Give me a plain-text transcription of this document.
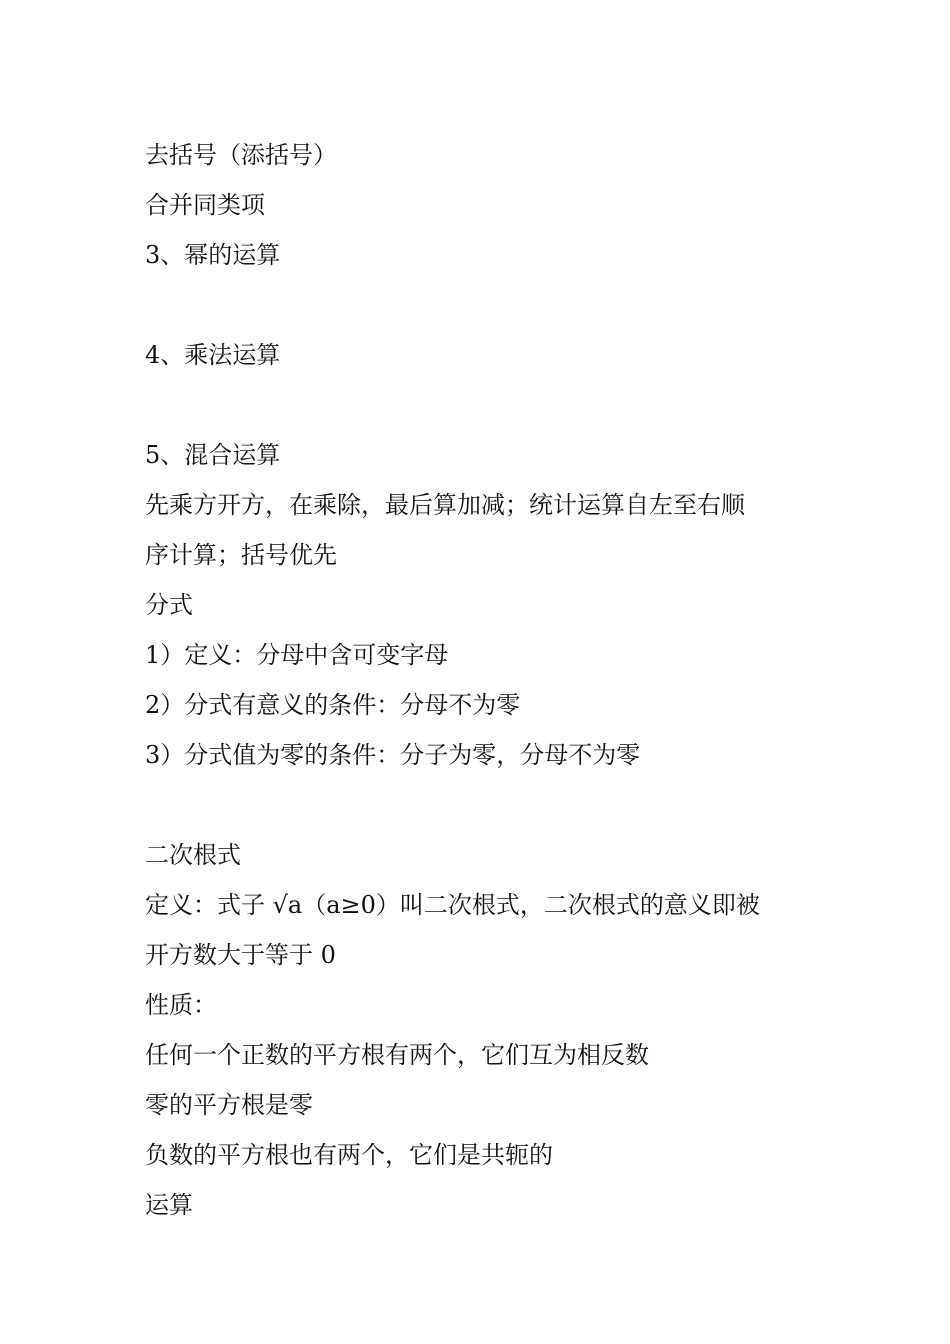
去括号（添括号）
合并同类项
3、幂的运算
4、乘法运算
5、混合运算
先乘方开方，在乘除，最后算加减；统计运算自左至右顺
序计算；括号优先
分式
1）定义：分母中含可变字母
2）分式有意义的条件：分母不为零
3）分式值为零的条件：分子为零，分母不为零
二次根式
定义：式子 √a（a≥0）叫二次根式，二次根式的意义即被
开方数大于等于 0
性质：
任何一个正数的平方根有两个，它们互为相反数
零的平方根是零
负数的平方根也有两个，它们是共轭的
运算
